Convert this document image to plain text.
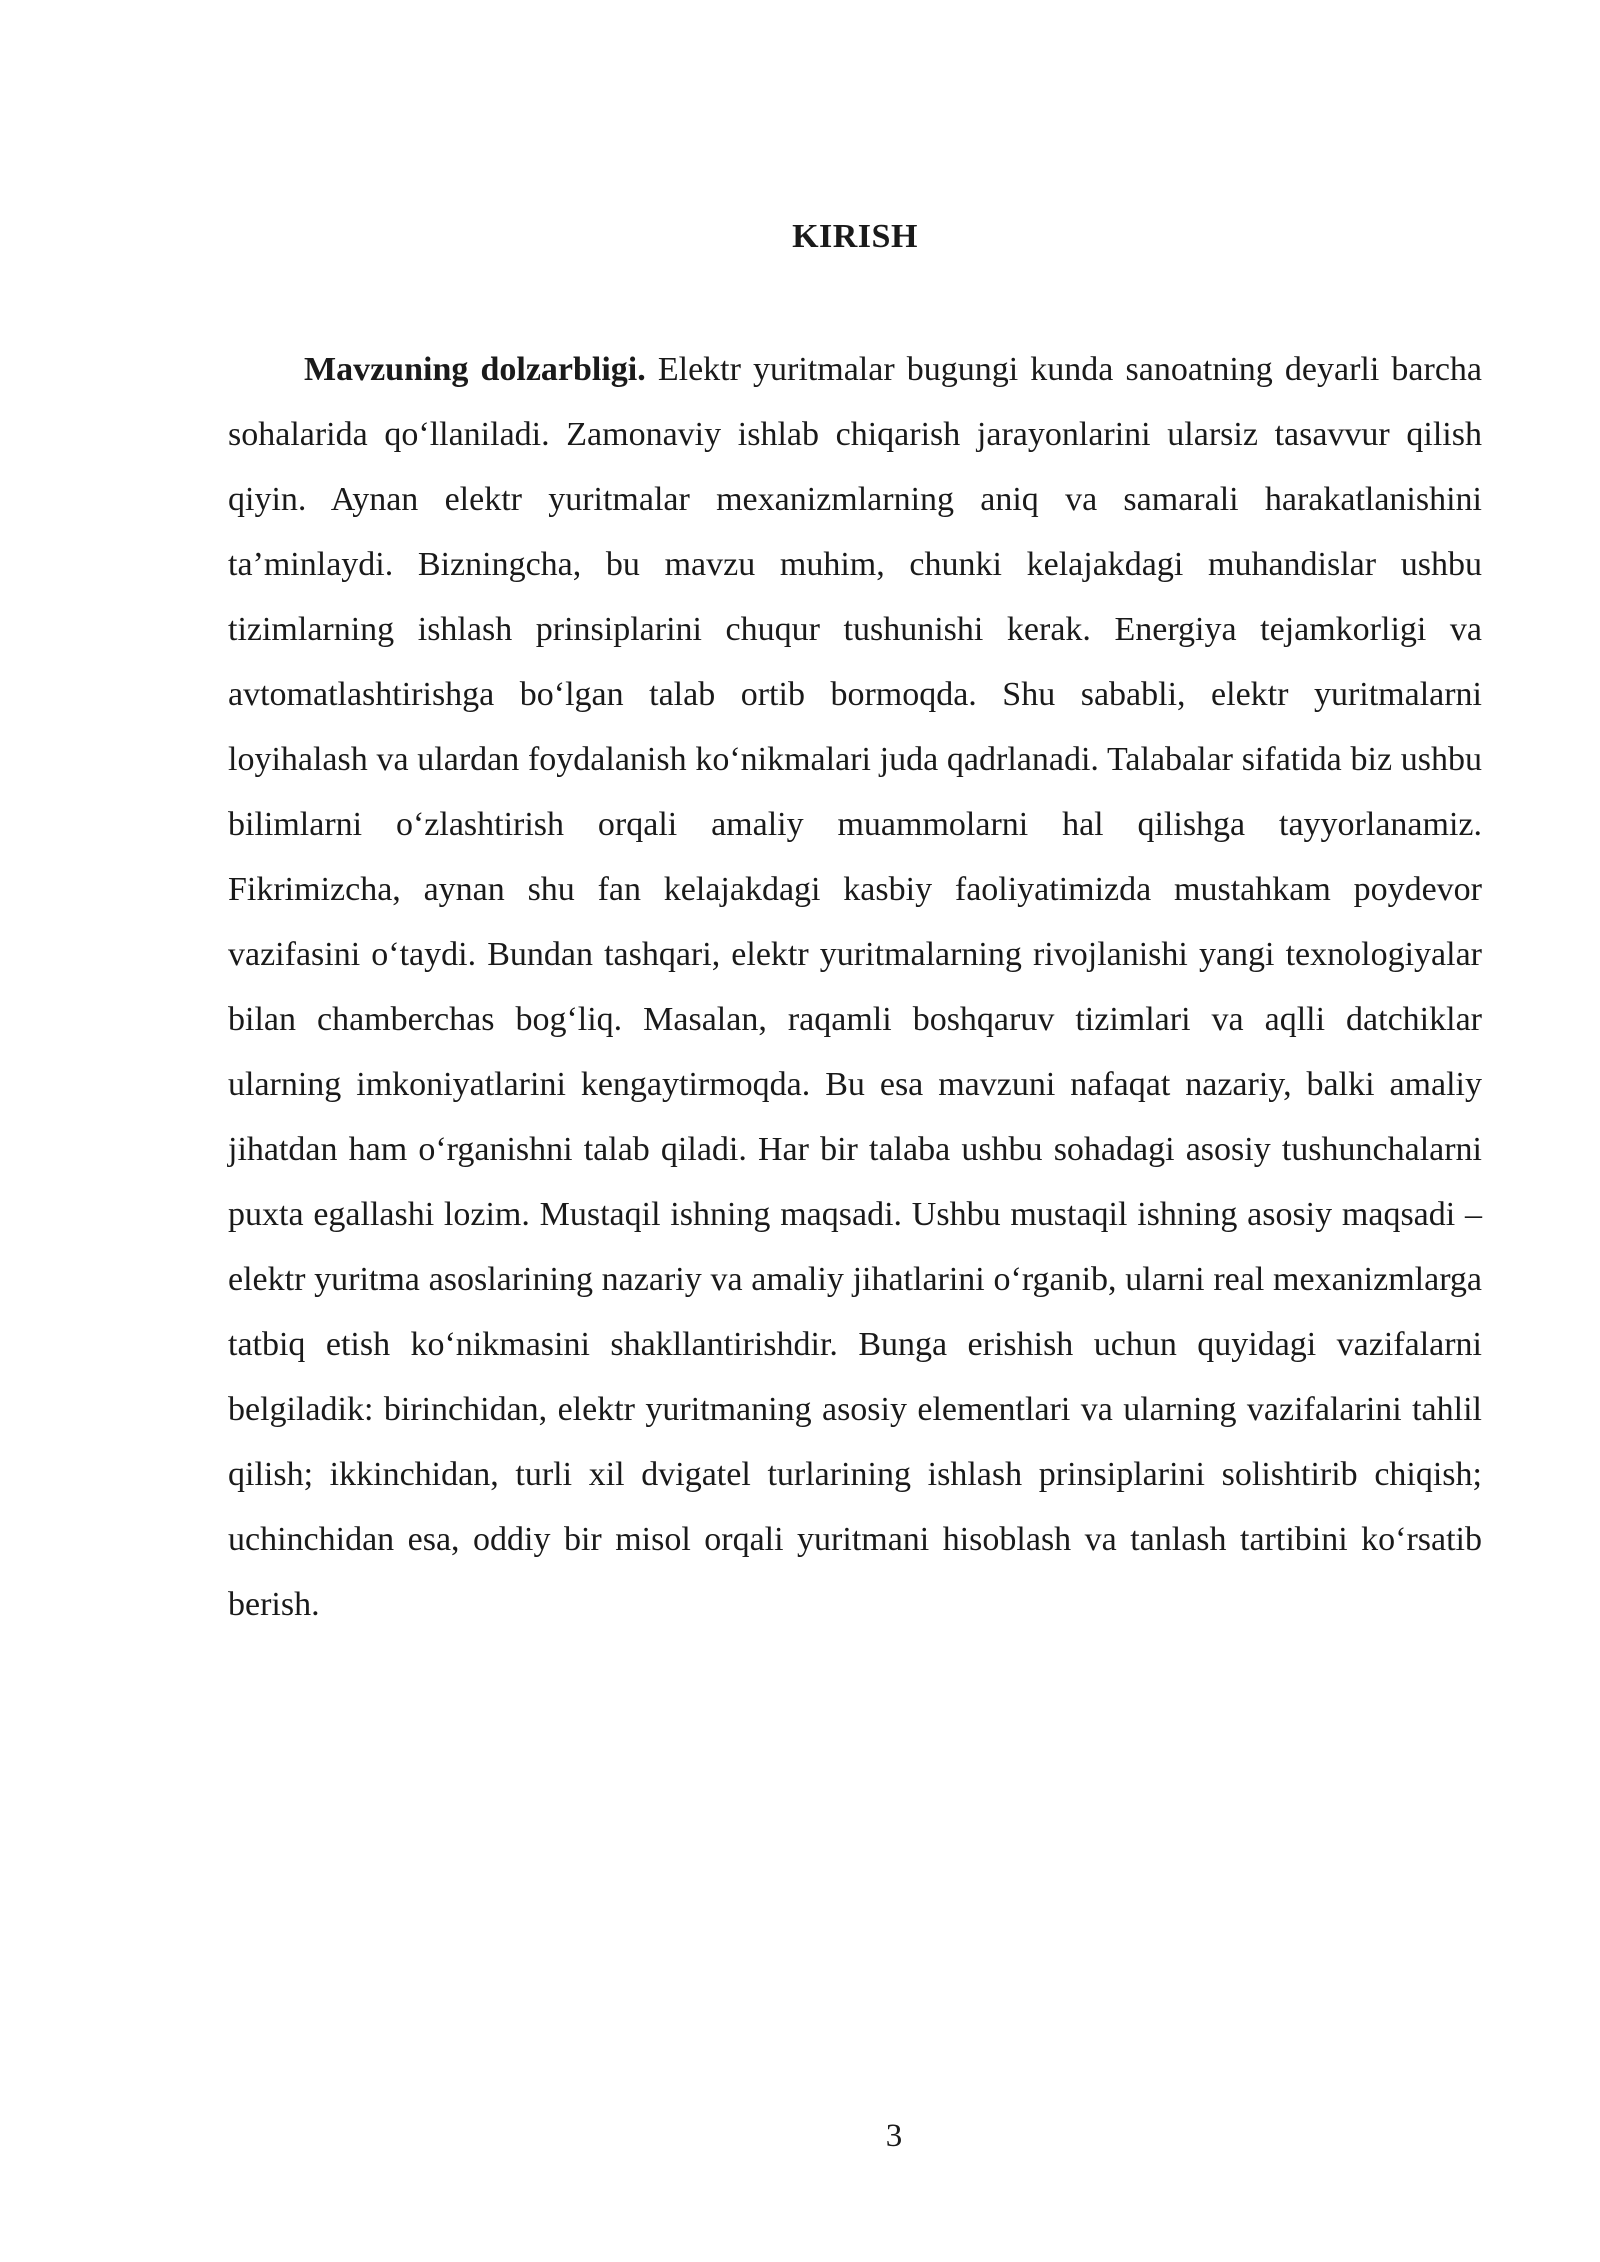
KIRISH

Mavzuning dolzarbligi. Elektr yuritmalar bugungi kunda sanoatning deyarli barcha sohalarida qo‘llaniladi. Zamonaviy ishlab chiqarish jarayonlarini ularsiz tasavvur qilish qiyin. Aynan elektr yuritmalar mexanizmlarning aniq va samarali harakatlanishini ta’minlaydi. Bizningcha, bu mavzu muhim, chunki kelajakdagi muhandislar ushbu tizimlarning ishlash prinsiplarini chuqur tushunishi kerak. Energiya tejamkorligi va avtomatlashtirishga bo‘lgan talab ortib bormoqda. Shu sababli, elektr yuritmalarni loyihalash va ulardan foydalanish ko‘nikmalari juda qadrlanadi. Talabalar sifatida biz ushbu bilimlarni o‘zlashtirish orqali amaliy muammolarni hal qilishga tayyorlanamiz. Fikrimizcha, aynan shu fan kelajakdagi kasbiy faoliyatimizda mustahkam poydevor vazifasini o‘taydi. Bundan tashqari, elektr yuritmalarning rivojlanishi yangi texnologiyalar bilan chamberchas bog‘liq. Masalan, raqamli boshqaruv tizimlari va aqlli datchiklar ularning imkoniyatlarini kengaytirmoqda. Bu esa mavzuni nafaqat nazariy, balki amaliy jihatdan ham o‘rganishni talab qiladi. Har bir talaba ushbu sohadagi asosiy tushunchalarni puxta egallashi lozim. Mustaqil ishning maqsadi. Ushbu mustaqil ishning asosiy maqsadi – elektr yuritma asoslarining nazariy va amaliy jihatlarini o‘rganib, ularni real mexanizmlarga tatbiq etish ko‘nikmasini shakllantirishdir. Bunga erishish uchun quyidagi vazifalarni belgiladik: birinchidan, elektr yuritmaning asosiy elementlari va ularning vazifalarini tahlil qilish; ikkinchidan, turli xil dvigatel turlarining ishlash prinsiplarini solishtirib chiqish; uchinchidan esa, oddiy bir misol orqali yuritmani hisoblash va tanlash tartibini ko‘rsatib berish.

3
